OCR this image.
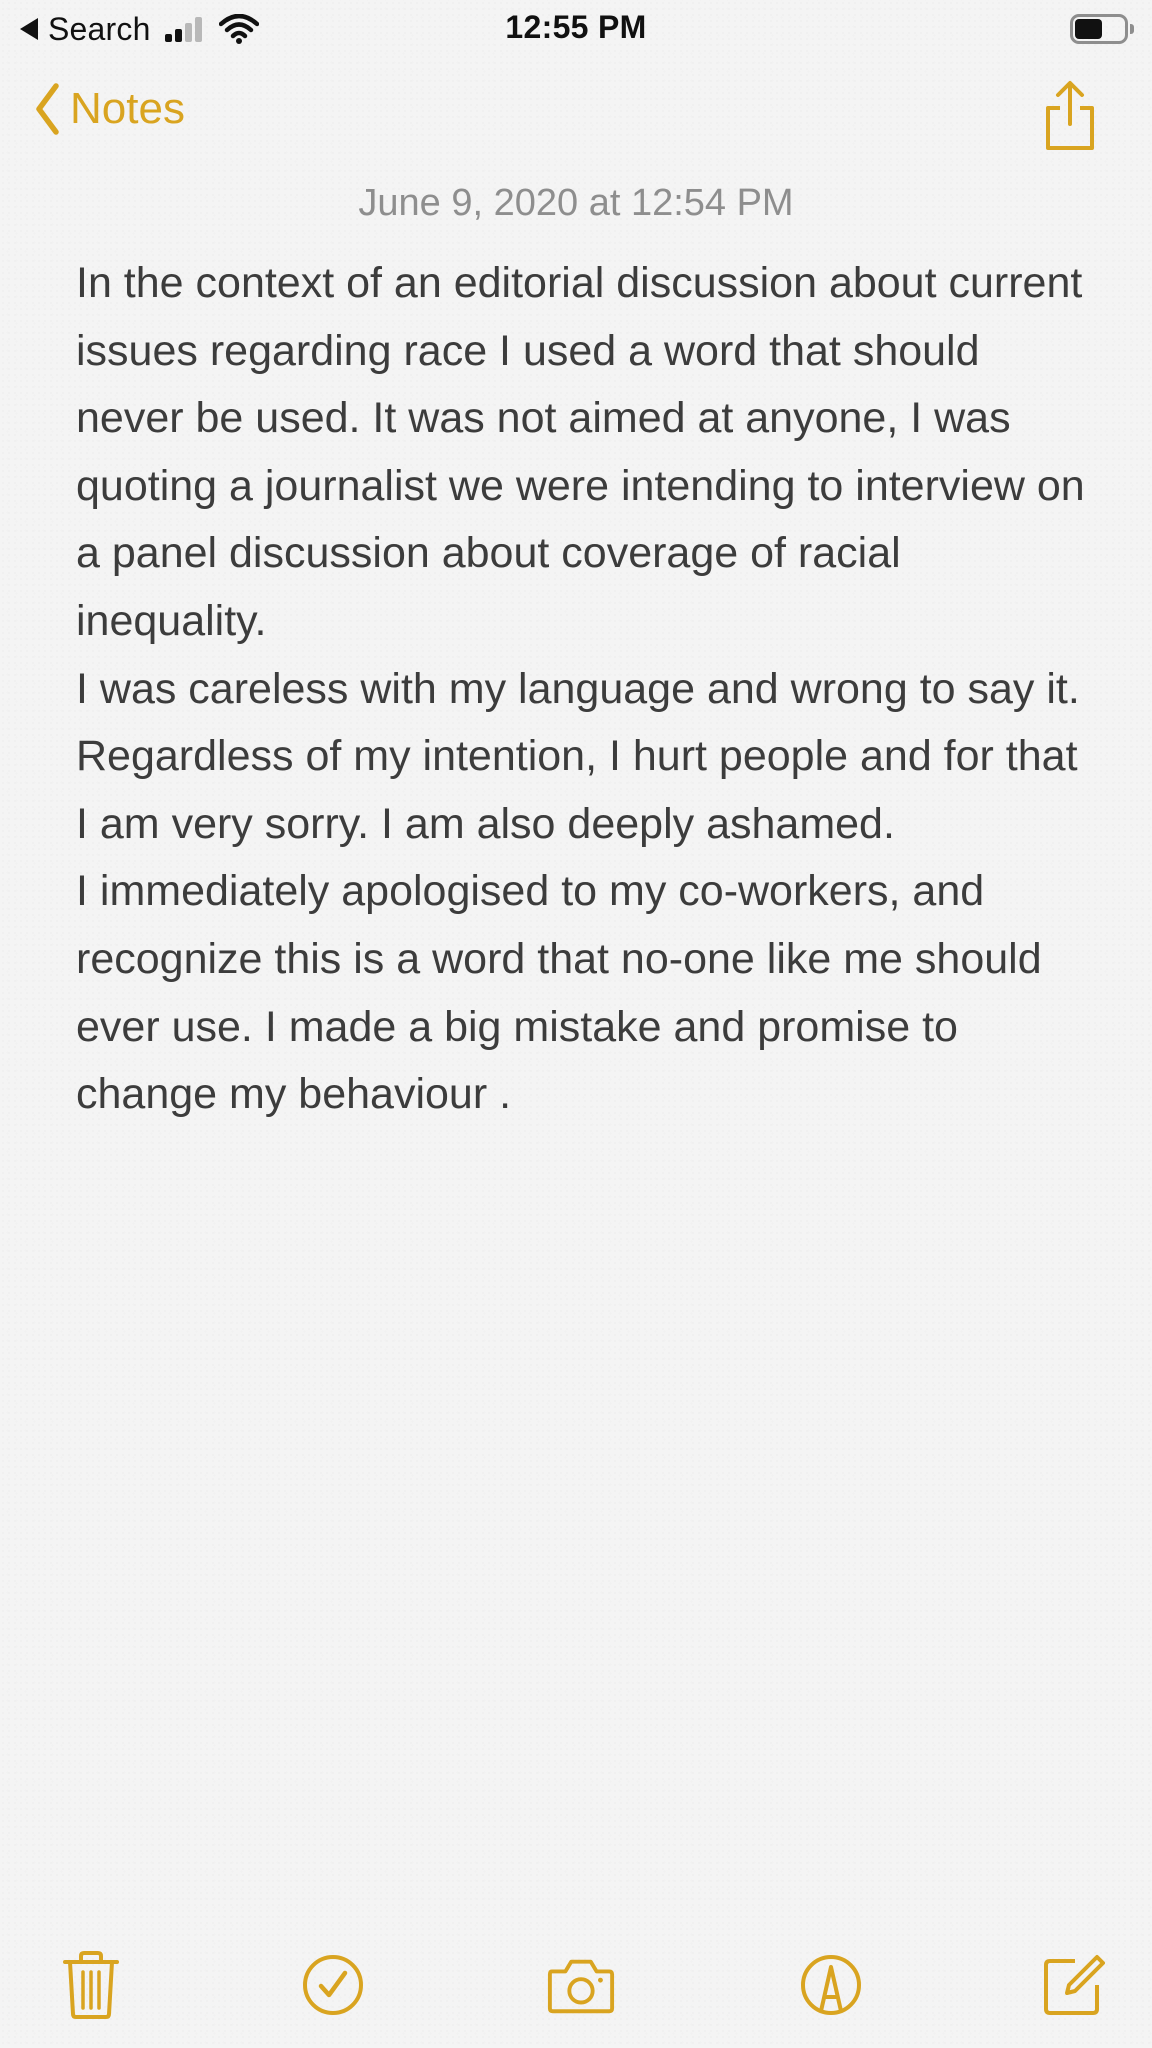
Search	12:55 PM
Notes
June 9, 2020 at 12:54 PM
In the context of an editorial discussion about current issues regarding race I used a word that should never be used. It was not aimed at anyone, I was quoting a journalist we were intending to interview on a panel discussion about coverage of racial inequality.
I was careless with my language and wrong to say it. Regardless of my intention, I hurt people and for that I am very sorry. I am also deeply ashamed.
I immediately apologised to my co-workers, and recognize this is a word that no-one like me should ever use. I made a big mistake and promise to change my behaviour .
